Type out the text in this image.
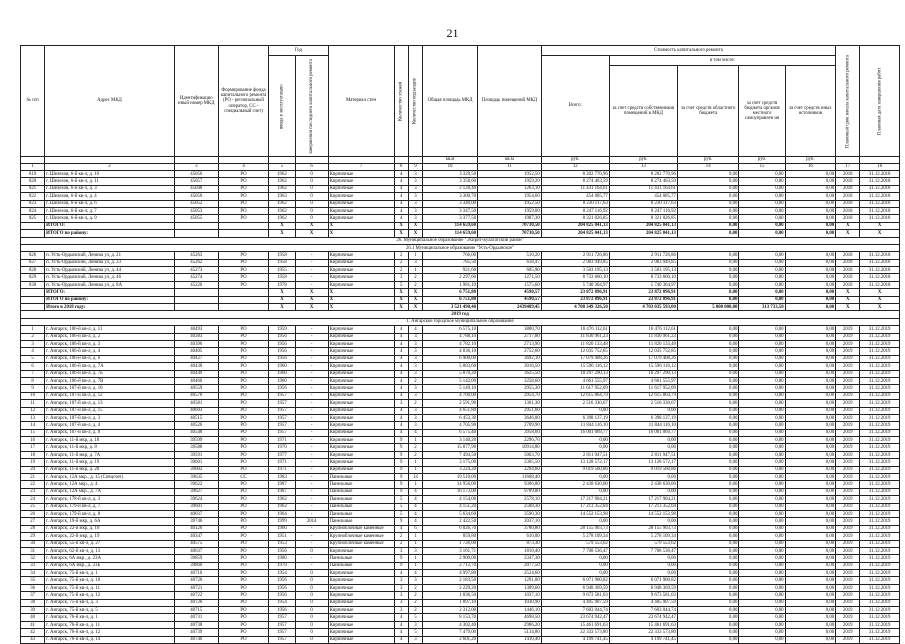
21
№ п/п	Адрес МКД	Идентификацио нный номер МКД	Формирование фонда капитального ремонта (РО - региональный оператор, СС - специальный счет)	Год		Материал стен	Количество этажей	Количество подъездов	Общая площадь МКД	Площадь помещений МКД	Стоимость капитального ремонта					Плановый срок начала капитального ремонта	Плановая дата завершения работ
				ввода в эксплуатацию	завершения последнего капитального ремонта						Всего:	в том числе:					
												за счет средств собственников помещений в МКД	за счет средств областного бюджета	за счет средств бюджета органов местного самоуправлен ия	за счет средств иных источников		
									кв.м	кв.м	руб.	руб.	руб.	руб.	руб.		
1	2	3	4	5	6	7	8	9	10	11	12	13	14	15	16	17	18
819	г. Шелехов, 6-й кв-л, д. 10	45056	РО	1962	0	Кирпичные	4	3	3 329,50	1952,50	8 202 770,96	8 202 770,96	0,00	0,00	0,00	2018	31.12.2018
820	г. Шелехов, 6-й кв-л, д. 11	45057	РО	1962	0	Кирпичные	4	3	3 358,60	1959,20	8 274 463,59	8 274 463,59	0,00	0,00	0,00	2018	31.12.2018
821	г. Шелехов, 6-й кв-л, д. 3	45048	РО	1962	0	Кирпичные	4	3	2 128,40	1263,10	11 431 164,61	11 431 164,61	0,00	0,00	0,00	2018	31.12.2018
822	г. Шелехов, 6-й кв-л, д. 4	45050	РО	1963	0	Кирпичные	4	3	3 300,70	1954,60	454 085,77	454 085,77	0,00	0,00	0,00	2018	31.12.2018
823	г. Шелехов, 6-й кв-л, д. 6	45052	РО	1962	0	Кирпичные	4	3	3 340,00	1952,50	8 230 117,63	8 230 117,63	0,00	0,00	0,00	2018	31.12.2018
824	г. Шелехов, 6-й кв-л, д. 7	45053	РО	1962	0	Кирпичные	4	3	3 347,50	1959,00	8 247 116,92	8 247 116,92	0,00	0,00	0,00	2018	31.12.2018
825	г. Шелехов, 6-й кв-л, д. 9	45055	РО	1962	0	Кирпичные	4	3	3 377,50	1987,30	8 321 026,85	8 321 026,85	0,00	0,00	0,00	2018	31.12.2018
	ИТОГО:			X	X	X	X	X	114 659,60	70730,50	204 825 041,13	204 825 041,13	0,00	0,00	0,00	X	X
	ИТОГО по району:			X	X	X	X	X	114 659,60	70730,50	204 825 041,13	204 825 041,13	0,00	0,00	0,00	X	X
26. Муниципальное образование "Эхирит-Булагатский район"																	
26.1 Муниципальное образование "Усть-Ордынское"																	
826	п. Усть-Ордынский, Ленина ул, д. 21	45263	РО	1958	-	Кирпичные	2	1	766,00	510,20	2 911 726,86	2 911 726,86	0,00	0,00	0,00	2018	31.12.2018
827	п. Усть-Ордынский, Ленина ул, д. 23	45262	РО	1958	-	Кирпичные	2	3	785,50	618,47	2 983 949,85	2 983 949,85	0,00	0,00	0,00	2018	31.12.2018
828	п. Усть-Ордынский, Ленина ул, д. 44	45273	РО	1955	-	Кирпичные	2	1	921,60	605,90	3 503 195,13	3 503 195,13	0,00	0,00	0,00	2018	31.12.2018
829	п. Усть-Ордынский, Ленина ул, д. 46	45274	РО	1958	-	Кирпичные	3	2	2 297,60	1271,50	8 733 660,10	8 733 660,10	0,00	0,00	0,00	2018	31.12.2018
830	п. Усть-Ордынский, Ленина ул, д. 8А	45220	РО	1978	-	Кирпичные	5	2	1 981,10	1575,60	5 740 364,97	5 740 364,97	0,00	0,00	0,00	2018	31.12.2018
	ИТОГО:			X	X	X	X	X	6 751,80	4590,57	23 872 896,91	23 872 896,91	0,00	0,00	0,00	X	X
	ИТОГО по району:			X	X	X	X	X	6 751,80	4590,57	23 872 896,91	23 872 896,91	0,00	0,00	0,00	X	X
	Итого в 2018 году:			X	X	X	X	X	3 521 490,40	2439489,45	4 708 349 326,50	4 703 035 593,00	5 000 000,00	313 733,50	0,00	X	X
2019 год																	
1. Ангарское городское муниципальное образование																	
1	г. Ангарск, 106-й кв-л, д. 11	40493	РО	1959	-	Кирпичные	4	4	6 575,10	3800,70	16 476 112,61	16 476 112,61	0,00	0,00	0,00	2019	31.12.2019
2	г. Ангарск, 106-й кв-л, д. 2	40383	РО	1956	-	Кирпичные	4	3	4 788,10	2717,80	11 830 961,23	11 830 961,23	0,00	0,00	0,00	2019	31.12.2019
3	г. Ангарск, 106-й кв-л, д. 3	40396	РО	1956	-	Кирпичные	4	3	4 782,10	2713,90	11 820 133,48	11 820 133,48	0,00	0,00	0,00	2019	31.12.2019
4	г. Ангарск, 106-й кв-л, д. 4	40405	РО	1956	-	Кирпичные	4	3	4 836,10	2752,60	12 035 752,85	12 035 752,85	0,00	0,00	0,00	2019	31.12.2019
5	г. Ангарск, 106-й кв-л, д. 6	40427	РО	1956	-	Кирпичные	4	3	6 900,00	3692,10	17 079 408,26	17 079 408,26	0,00	0,00	0,00	2019	31.12.2019
6	г. Ангарск, 106-й кв-л, д. 7А	40438	РО	1960	-	Кирпичные	4	3	5 003,60	3016,50	15 596 116,12	15 596 116,12	0,00	0,00	0,00	2019	31.12.2019
7	г. Ангарск, 106-й кв-л, д. 7Б	40449	РО	1960	-	Кирпичные	4	3	5 870,20	3625,50	18 297 290,13	18 297 290,13	0,00	0,00	0,00	2019	31.12.2019
8	г. Ангарск, 106-й кв-л, д. 7В	40460	РО	1960	-	Кирпичные	4	2	5 142,00	3258,60	4 661 555,97	4 661 555,97	0,00	0,00	0,00	2019	31.12.2019
9	г. Ангарск, 107-й кв-л, д. 10	40559	РО	1956	-	Кирпичные	4	3	5 149,10	2955,30	11 617 952,09	11 617 952,09	0,00	0,00	0,00	2019	31.12.2019
10	г. Ангарск, 107-й кв-л, д. 12	40570	РО	1957	-	Кирпичные	4	3	4 760,00	2954,70	12 615 864,79	12 615 864,79	0,00	0,00	0,00	2019	31.12.2019
11	г. Ангарск, 107-й кв-л, д. 13	40581	РО	1957	-	Кирпичные	3	2	2 591,90	1361,30	2 516 330,67	2 516 330,67	0,00	0,00	0,00	2019	31.12.2019
12	г. Ангарск, 107-й кв-л, д. 15	40603	РО	1957	-	Кирпичные	4	3	4 651,80	2951,60	0,00	0,00	0,00	0,00	0,00	2019	31.12.2019
13	г. Ангарск, 107-й кв-л, д. 3	40515	РО	1957	-	Кирпичные	4	3	6 453,30	3646,00	6 398 137,19	6 398 137,19	0,00	0,00	0,00	2019	31.12.2019
14	г. Ангарск, 107-й кв-л, д. 4	40526	РО	1957	-	Кирпичные	4	3	4 705,90	2709,90	11 844 116,10	11 844 116,10	0,00	0,00	0,00	2019	31.12.2019
15	г. Ангарск, 107-й кв-л, д. 8	40548	РО	1957	-	Кирпичные	4	4	6 575,40	3958,60	16 001 069,77	16 001 069,77	0,00	0,00	0,00	2019	31.12.2019
16	г. Ангарск, 11-й мкр, д. 18	39599	РО	1971	-	Кирпичные	9	1	3 140,20	2296,70	0,00	0,00	0,00	0,00	0,00	2019	31.12.2019
17	г. Ангарск, 11-й мкр, д. 8	39588	РО	1970	-	Кирпичные	9	2	15 877,90	10914,80	0,00	0,00	0,00	0,00	0,00	2019	31.12.2019
18	г. Ангарск, 11-й мкр, д. 7А	39591	РО	1977	-	Кирпичные	9	2	7 494,50	5063,70	2 811 947,51	2 811 947,51	0,00	0,00	0,00	2019	31.12.2019
19	г. Ангарск, 11-й мкр, д. 19	39601	РО	1971	-	Кирпичные	9	1	3 175,00	2305,50	13 128 572,17	13 128 572,17	0,00	0,00	0,00	2019	31.12.2019
20	г. Ангарск, 11-й мкр, д. 20	39602	РО	1971	-	Кирпичные	9	1	3 224,20	2294,60	9 019 560,86	9 019 560,86	0,00	0,00	0,00	2019	31.12.2019
21	г. Ангарск, 12А мкр., д. 15 (Спецсчет)	39635	СС	1983	-	Панельные	9	14	19 510,00	11608,40	0,00	0,00	0,00	0,00	0,00	2019	31.12.2019
22	г. Ангарск, 12А мкр., д. 4	39622	РО	1987	-	Панельные	9	1	14 956,00	9306,80	2 438 630,00	2 438 630,00	0,00	0,00	0,00	2019	31.12.2019
23	г. Ангарск, 12А мкр., д. 7А	39627	РО	1987	-	Панельные	9	4	16 173,00	9789,80	0,00	0,00	0,00	0,00	0,00	2019	31.12.2019
24	г. Ангарск, 178-й кв-л, д. 3	39624	РО	1962	-	Панельные	5	4	4 154,00	2578,10	17 217 904,21	17 217 904,21	0,00	0,00	0,00	2019	31.12.2019
25	г. Ангарск, 179-й кв-л, д. 7	39601	РО	1962	-	Панельные	5	4	4 151,20	2588,30	17 213 352,04	17 213 352,04	0,00	0,00	0,00	2019	31.12.2019
26	г. Ангарск, 179-й кв-л, д. 8	40037	РО	1964	-	Панельные	5	4	5 634,60	3590,30	14 552 153,98	14 552 153,98	0,00	0,00	0,00	2019	31.12.2019
27	г. Ангарск, 19-й мкр, д. 6А	39746	РО	1999	2014	Панельные	9	4	2 422,50	2037,10	0,00	0,00	0,00	0,00	0,00	2019	31.12.2019
28	г. Ангарск, 22-й мкр, д. 10	40126	РО	1960	-	Крупноблочные каменные	4	6	6 026,70	3780,80	28 155 903,73	28 155 903,73	0,00	0,00	0,00	2019	31.12.2019
29	г. Ангарск, 22-й мкр, д. 19	40347	РО	1951	-	Крупноблочные каменные	2	1	859,80	610,00	5 278 109,34	5 278 109,34	0,00	0,00	0,00	2019	31.12.2019
30	г. Ангарск, 55-й кв-л, д. 27	40575	РО	1953	-	Крупноблочные каменные	2	1	1 726,00	873,30	579 553,62	579 553,62	0,00	0,00	0,00	2019	31.12.2019
31	г. Ангарск, 62-й кв-л, д. 13	40637	РО	1956	0	Кирпичные	3	3	3 161,71	1810,40	7 708 536,47	7 708 536,47	0,00	0,00	0,00	2019	31.12.2019
32	г. Ангарск, 6А мкр., д. 23А	39859	РО	1980	-	Панельные	9	1	2 900,00	2347,30	0,00	0,00	0,00	0,00	0,00	2019	31.12.2019
33	г. Ангарск, 6А мкр., д. 23Б	39860	РО	1979	-	Панельные	9	1	2 713,70	2077,50	0,00	0,00	0,00	0,00	0,00	2019	31.12.2019
34	г. Ангарск, 75-й кв-л, д. 1	40710	РО	1954	0	Кирпичные	4	4	4 997,80	2524,60	0,00	0,00	0,00	0,00	0,00	2019	31.12.2019
35	г. Ангарск, 75-й кв-л, д. 10	40720	РО	1956	0	Кирпичные	3	3	2 183,50	1291,00	6 071 900,82	6 071 900,82	0,00	0,00	0,00	2019	31.12.2019
36	г. Ангарск, 75-й кв-л, д. 11	40721	РО	1956	0	Кирпичные	3	2	2 229,20	1309,60	6 948 369,59	6 948 369,59	0,00	0,00	0,00	2019	31.12.2019
37	г. Ангарск, 75-й кв-л, д. 12	40722	РО	1956	0	Кирпичные	3	2	1 836,50	1037,10	9 673 581,03	9 673 581,03	0,00	0,00	0,00	2019	31.12.2019
38	г. Ангарск, 75-й кв-л, д. 3	40726	РО	1954	0	Кирпичные	3	2	1 897,10	1030,90	4 405 907,59	4 405 907,59	0,00	0,00	0,00	2019	31.12.2019
39	г. Ангарск, 75-й кв-л, д. 5	40715	РО	1956	0	Кирпичные	3	2	2 312,00	1446,10	7 603 044,74	7 603 044,74	0,00	0,00	0,00	2019	31.12.2019
40	г. Ангарск, 76-й кв-л, д. 1	40731	РО	1957	0	Кирпичные	4	5	8 153,70	4698,50	23 674 942,47	23 674 942,47	0,00	0,00	0,00	2019	31.12.2019
41	г. Ангарск, 76-й кв-л, д. 11	40738	РО	1957	0	Кирпичные	4	3	4 302,40	2986,20	15 461 691,63	15 461 691,63	0,00	0,00	0,00	2019	31.12.2019
42	г. Ангарск, 76-й кв-л, д. 12	40739	РО	1957	0	Кирпичные	4	5	7 479,00	5134,80	22 333 573,80	22 333 573,80	0,00	0,00	0,00	2019	31.12.2019
43	г. Ангарск, 76-й кв-л, д. 14	40740	РО	1957	0	Кирпичные	4	3	2 601,20	1410,40	4 199 741,45	4 199 741,45	0,00	0,00	0,00	2019	31.12.2019
